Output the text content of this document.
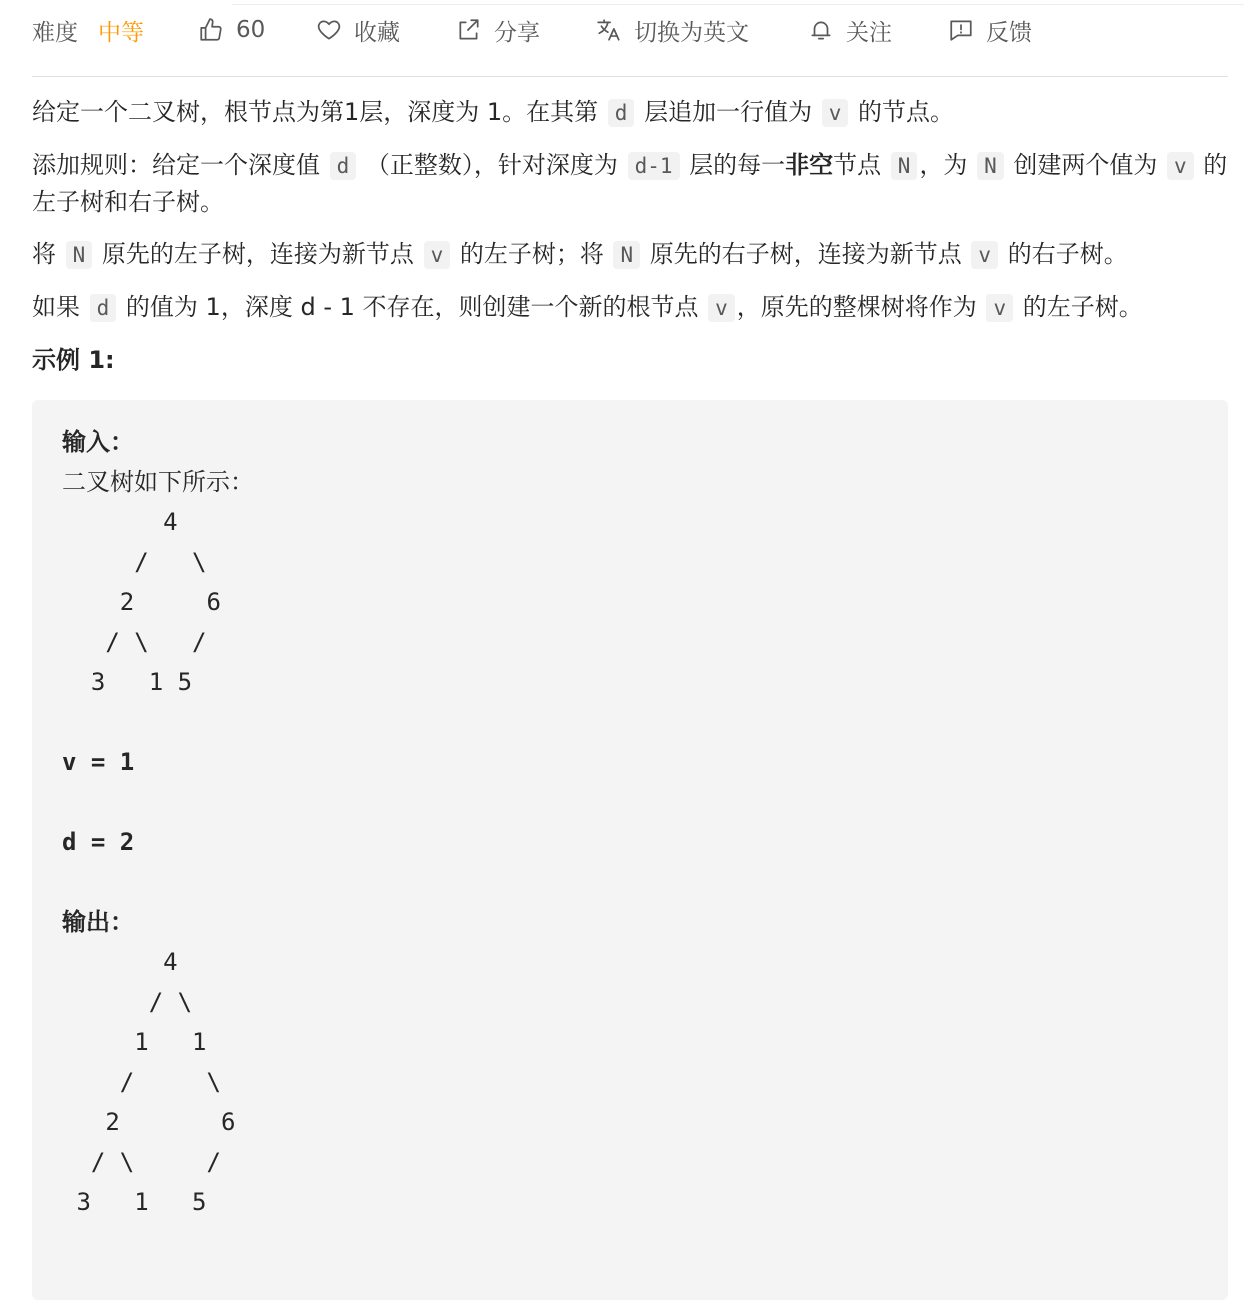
难度 中等	60	收藏	分享	切换为英文	关注	反馈

给定一个二叉树，根节点为第1层，深度为 1。在其第 d 层追加一行值为 v 的节点。

添加规则：给定一个深度值 d （正整数），针对深度为 d-1 层的每一非空节点 N ，为 N 创建两个值为 v 的左子树和右子树。

将 N 原先的左子树，连接为新节点 v 的左子树；将 N 原先的右子树，连接为新节点 v 的右子树。

如果 d 的值为 1，深度 d - 1 不存在，则创建一个新的根节点 v ，原先的整棵树将作为 v 的左子树。

示例 1:

输入：
二叉树如下所示：
4
/   \
2     6
/ \   /
3   1 5
v = 1
d = 2
输出：
4
/ \
1   1
/     \
2       6
/ \     /
3   1   5
